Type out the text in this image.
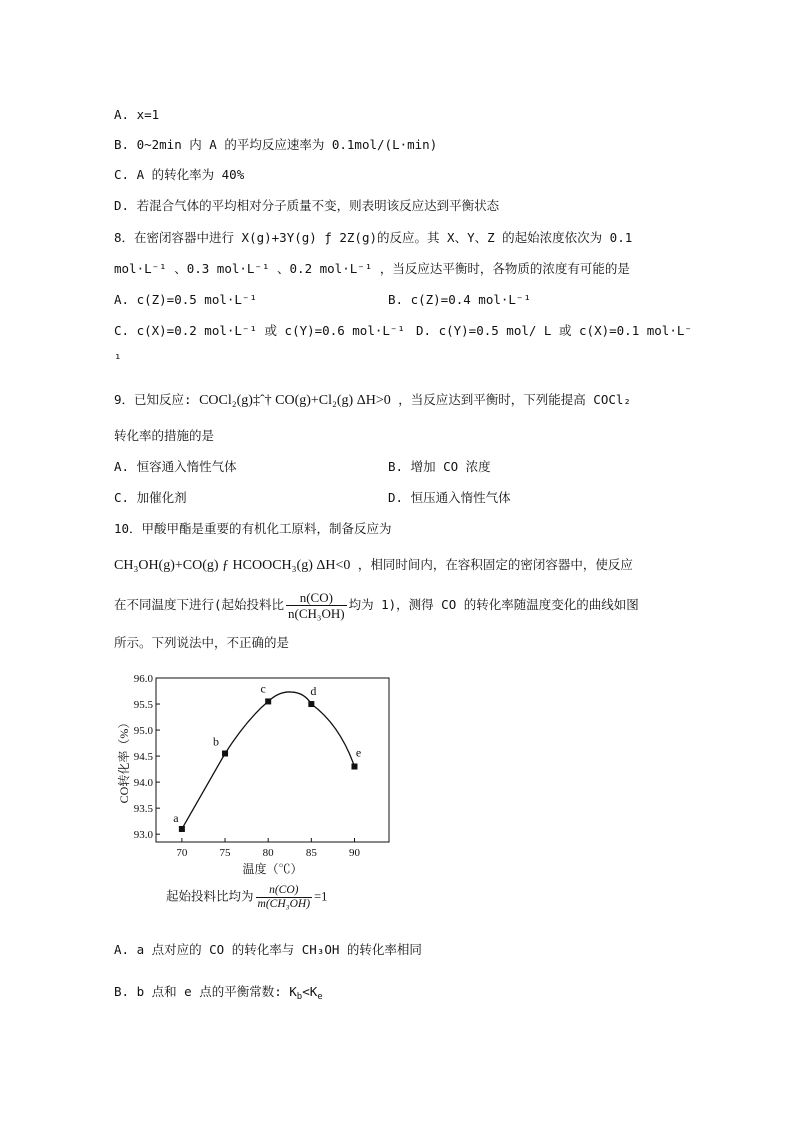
A. x=1
B. 0~2min 内 A 的平均反应速率为 0.1mol/(L·min)
C. A 的转化率为 40%
D. 若混合气体的平均相对分子质量不变，则表明该反应达到平衡状态
8．在密闭容器中进行 X(g)+3Y(g) ƒ 2Z(g)的反应。其 X、Y、Z 的起始浓度依次为 0.1
mol·L⁻¹ 、0.3 mol·L⁻¹ 、0.2 mol·L⁻¹ ，当反应达平衡时，各物质的浓度有可能的是
A. c(Z)=0.5 mol·L⁻¹	B. c(Z)=0.4 mol·L⁻¹
C. c(X)=0.2 mol·L⁻¹ 或 c(Y)=0.6 mol·L⁻¹ D. c(Y)=0.5 mol/ L 或 c(X)=0.1 mol·L⁻
¹
9．已知反应: COCl₂(g)‡ˆ† CO(g)+Cl₂(g) ΔH>0 ，当反应达到平衡时，下列能提高 COCl₂
转化率的措施的是
A. 恒容通入惰性气体	B. 增加 CO 浓度
C. 加催化剂	D. 恒压通入惰性气体
10．甲酸甲酯是重要的有机化工原料，制备反应为
CH₃OH(g)+CO(g) ƒ HCOOCH₃(g) ΔH<0 ，相同时间内，在容积固定的密闭容器中，使反应
在不同温度下进行(起始投料比 $\frac{n(CO)}{\text{n(CH₃OH)}}$ 均为 1)，测得 CO 的转化率随温度变化的曲线如图
所示。下列说法中，不正确的是
93.0
93.5
94.0
94.5
95.0
95.5
96.0
70	75	80	85	90
a
b
c	d
e
CO转化率（%）
温度（℃）
起始投料比均为 $\frac{n(CO)}{\text{m(CH₃OH)}} =1$
A. a 点对应的 CO 的转化率与 CH₃OH 的转化率相同
B. b 点和 e 点的平衡常数: $K_b<K_e$
